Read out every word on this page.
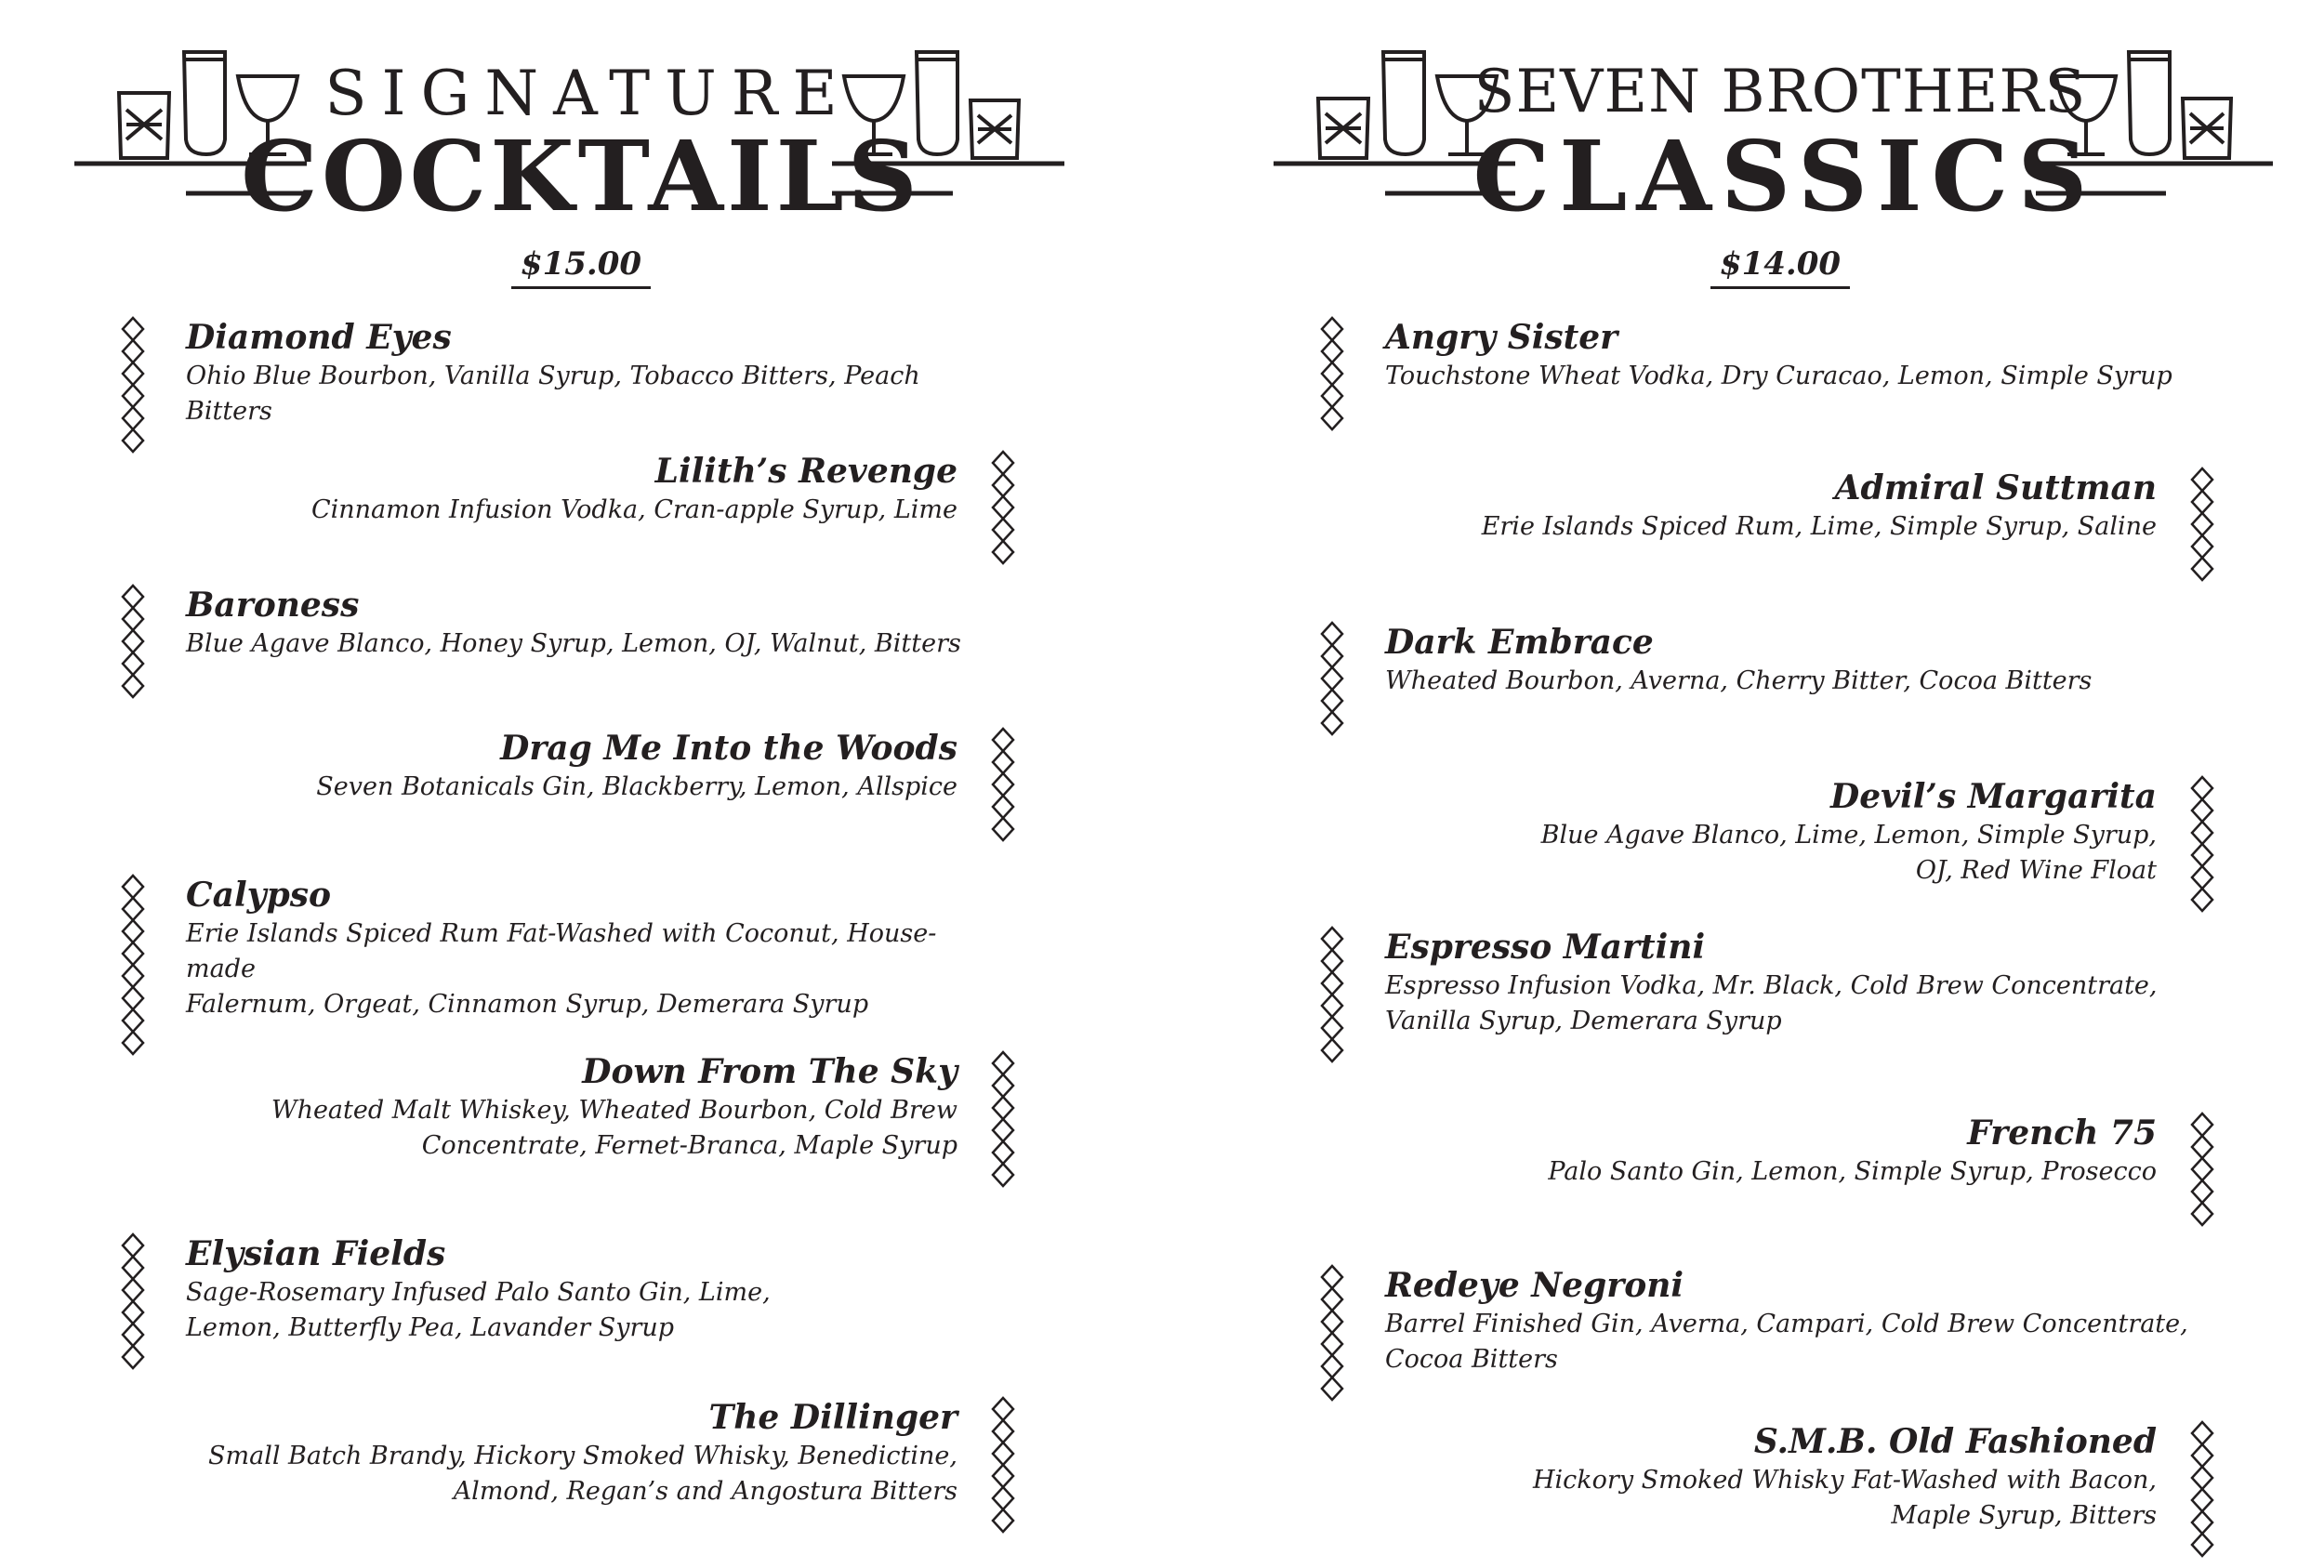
SIGNATURE
COCKTAILS
$15.00
Diamond Eyes
Ohio Blue Bourbon, Vanilla Syrup, Tobacco Bitters, Peach Bitters
Lilith’s Revenge
Cinnamon Infusion Vodka, Cran-apple Syrup, Lime
Baroness
Blue Agave Blanco, Honey Syrup, Lemon, OJ, Walnut, Bitters
Drag Me Into the Woods
Seven Botanicals Gin, Blackberry, Lemon, Allspice
Calypso
Erie Islands Spiced Rum Fat-Washed with Coconut, House-made
Falernum, Orgeat, Cinnamon Syrup, Demerara Syrup
Down From The Sky
Wheated Malt Whiskey, Wheated Bourbon, Cold Brew
Concentrate, Fernet-Branca, Maple Syrup
Elysian Fields
Sage-Rosemary Infused Palo Santo Gin, Lime,
Lemon, Butterfly Pea, Lavander Syrup
The Dillinger
Small Batch Brandy, Hickory Smoked Whisky, Benedictine,
Almond, Regan’s and Angostura Bitters
SEVEN BROTHERS
CLASSICS
$14.00
Angry Sister
Touchstone Wheat Vodka, Dry Curacao, Lemon, Simple Syrup
Admiral Suttman
Erie Islands Spiced Rum, Lime, Simple Syrup, Saline
Dark Embrace
Wheated Bourbon, Averna, Cherry Bitter, Cocoa Bitters
Devil’s Margarita
Blue Agave Blanco, Lime, Lemon, Simple Syrup,
OJ, Red Wine Float
Espresso Martini
Espresso Infusion Vodka, Mr. Black, Cold Brew Concentrate,
Vanilla Syrup, Demerara Syrup
French 75
Palo Santo Gin, Lemon, Simple Syrup, Prosecco
Redeye Negroni
Barrel Finished Gin, Averna, Campari, Cold Brew Concentrate,
Cocoa Bitters
S.M.B. Old Fashioned
Hickory Smoked Whisky Fat-Washed with Bacon,
Maple Syrup, Bitters
